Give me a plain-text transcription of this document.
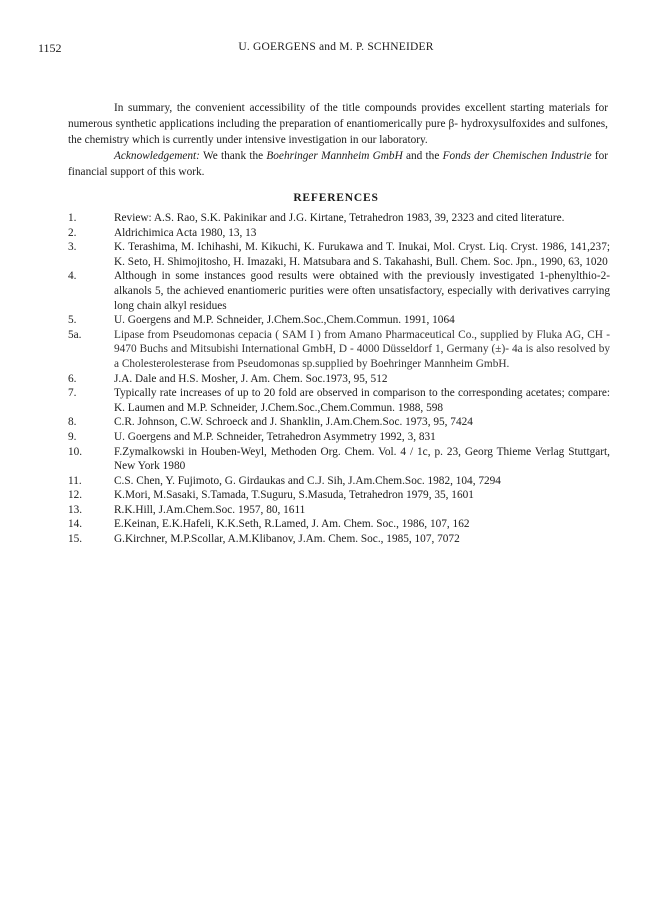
1152	U. GOERGENS and M. P. SCHNEIDER

In summary, the convenient accessibility of the title compounds provides excellent starting materials for numerous synthetic applications including the preparation of enantiomerically pure β- hydroxysulfoxides and sulfones, the chemistry which is currently under intensive investigation in our laboratory.

Acknowledgement: We thank the Boehringer Mannheim GmbH and the Fonds der Chemischen Industrie for financial support of this work.

REFERENCES
1.	Review: A.S. Rao, S.K. Pakinikar and J.G. Kirtane, Tetrahedron 1983, 39, 2323 and cited literature.
2.	Aldrichimica Acta 1980, 13, 13
3.	K. Terashima, M. Ichihashi, M. Kikuchi, K. Furukawa and T. Inukai, Mol. Cryst. Liq. Cryst. 1986, 141,237; K. Seto, H. Shimojitosho, H. Imazaki, H. Matsubara and S. Takahashi, Bull. Chem. Soc. Jpn., 1990, 63, 1020
4.	Although in some instances good results were obtained with the previously investigated 1-phenylthio-2-alkanols 5, the achieved enantiomeric purities were often unsatisfactory, especially with derivatives carrying long chain alkyl residues
5.	U. Goergens and M.P. Schneider, J.Chem.Soc.,Chem.Commun. 1991, 1064
5a.	Lipase from Pseudomonas cepacia ( SAM I ) from Amano Pharmaceutical Co., supplied by Fluka AG, CH - 9470 Buchs and Mitsubishi International GmbH, D - 4000 Düsseldorf 1, Germany (±)- 4a is also resolved by a Cholesterolesterase from Pseudomonas sp.supplied by Boehringer Mannheim GmbH.
6.	J.A. Dale and H.S. Mosher, J. Am. Chem. Soc.1973, 95, 512
7.	Typically rate increases of up to 20 fold are observed in comparison to the corresponding acetates; compare: K. Laumen and M.P. Schneider, J.Chem.Soc.,Chem.Commun. 1988, 598
8.	C.R. Johnson, C.W. Schroeck and J. Shanklin, J.Am.Chem.Soc. 1973, 95, 7424
9.	U. Goergens and M.P. Schneider, Tetrahedron Asymmetry 1992, 3, 831
10.	F.Zymalkowski in Houben-Weyl, Methoden Org. Chem. Vol. 4 / 1c, p. 23, Georg Thieme Verlag Stuttgart, New York 1980
11.	C.S. Chen, Y. Fujimoto, G. Girdaukas and C.J. Sih, J.Am.Chem.Soc. 1982, 104, 7294
12.	K.Mori, M.Sasaki, S.Tamada, T.Suguru, S.Masuda, Tetrahedron 1979, 35, 1601
13.	R.K.Hill, J.Am.Chem.Soc. 1957, 80, 1611
14.	E.Keinan, E.K.Hafeli, K.K.Seth, R.Lamed, J. Am. Chem. Soc., 1986, 107, 162
15.	G.Kirchner, M.P.Scollar, A.M.Klibanov, J.Am. Chem. Soc., 1985, 107, 7072
